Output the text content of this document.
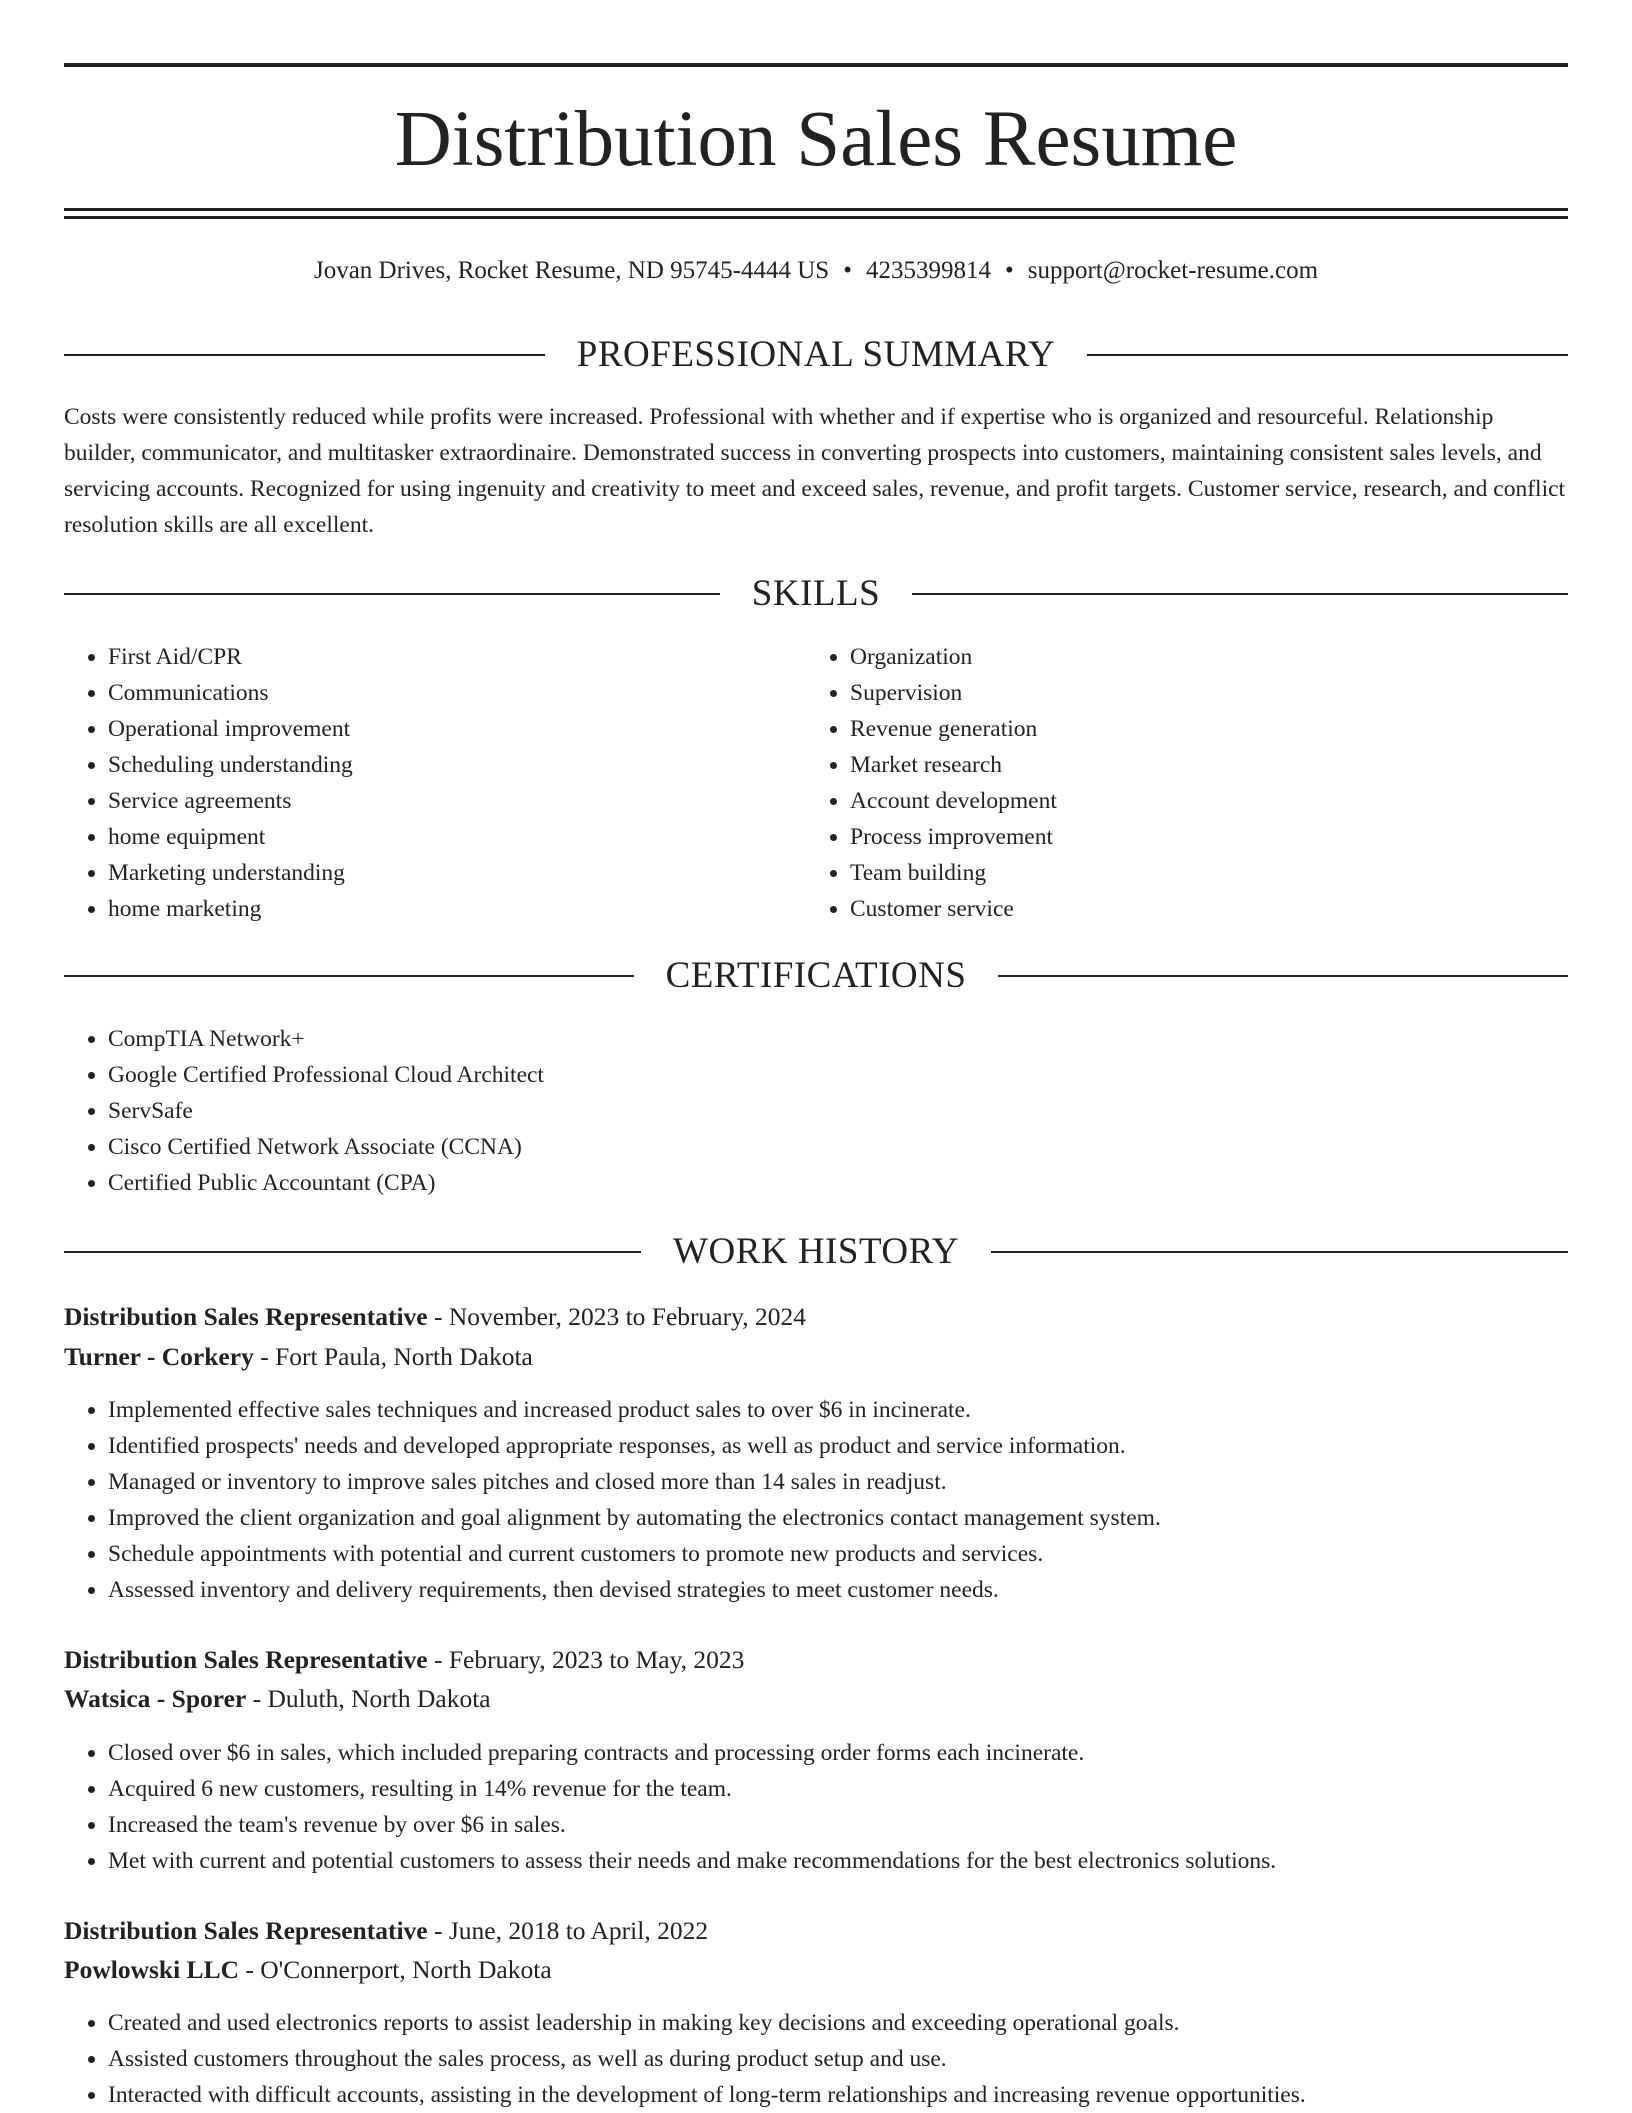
Distribution Sales Resume
Jovan Drives, Rocket Resume, ND 95745-4444 US • 4235399814 • support@rocket-resume.com
PROFESSIONAL SUMMARY

Costs were consistently reduced while profits were increased. Professional with whether and if expertise who is organized and resourceful. Relationship builder, communicator, and multitasker extraordinaire. Demonstrated success in converting prospects into customers, maintaining consistent sales levels, and servicing accounts. Recognized for using ingenuity and creativity to meet and exceed sales, revenue, and profit targets. Customer service, research, and conflict resolution skills are all excellent.

SKILLS
• First Aid/CPR
• Communications
• Operational improvement
• Scheduling understanding
• Service agreements
• home equipment
• Marketing understanding
• home marketing
• Organization
• Supervision
• Revenue generation
• Market research
• Account development
• Process improvement
• Team building
• Customer service
CERTIFICATIONS
• CompTIA Network+
• Google Certified Professional Cloud Architect
• ServSafe
• Cisco Certified Network Associate (CCNA)
• Certified Public Accountant (CPA)
WORK HISTORY
Distribution Sales Representative - November, 2023 to February, 2024
Turner - Corkery - Fort Paula, North Dakota
• Implemented effective sales techniques and increased product sales to over $6 in incinerate.
• Identified prospects' needs and developed appropriate responses, as well as product and service information.
• Managed or inventory to improve sales pitches and closed more than 14 sales in readjust.
• Improved the client organization and goal alignment by automating the electronics contact management system.
• Schedule appointments with potential and current customers to promote new products and services.
• Assessed inventory and delivery requirements, then devised strategies to meet customer needs.
Distribution Sales Representative - February, 2023 to May, 2023
Watsica - Sporer - Duluth, North Dakota
• Closed over $6 in sales, which included preparing contracts and processing order forms each incinerate.
• Acquired 6 new customers, resulting in 14% revenue for the team.
• Increased the team's revenue by over $6 in sales.
• Met with current and potential customers to assess their needs and make recommendations for the best electronics solutions.
Distribution Sales Representative - June, 2018 to April, 2022
Powlowski LLC - O'Connerport, North Dakota
• Created and used electronics reports to assist leadership in making key decisions and exceeding operational goals.
• Assisted customers throughout the sales process, as well as during product setup and use.
• Interacted with difficult accounts, assisting in the development of long-term relationships and increasing revenue opportunities.
